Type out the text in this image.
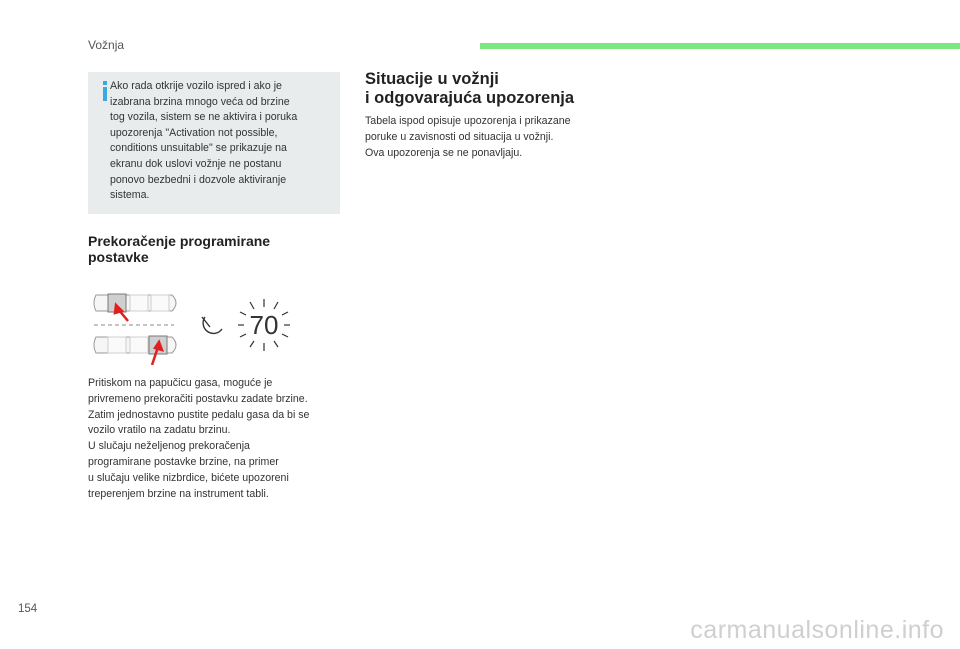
Vožnja
Ako rada otkrije vozilo ispred i ako je
izabrana brzina mnogo veća od brzine
tog vozila, sistem se ne aktivira i poruka
upozorenja "Activation not possible,
conditions unsuitable" se prikazuje na
ekranu dok uslovi vožnje ne postanu
ponovo bezbedni i dozvole aktiviranje
sistema.
Prekoračenje programirane
postavke
70
Pritiskom na papučicu gasa, moguće je
privremeno prekoračiti postavku zadate brzine.
Zatim jednostavno pustite pedalu gasa da bi se
vozilo vratilo na zadatu brzinu.
U slučaju neželjenog prekoračenja
programirane postavke brzine, na primer
u slučaju velike nizbrdice, bićete upozoreni
treperenjem brzine na instrument tabli.
Situacije u vožnji
i odgovarajuća upozorenja
Tabela ispod opisuje upozorenja i prikazane
poruke u zavisnosti od situacija u vožnji.
Ova upozorenja se ne ponavljaju.
154
carmanualsonline.info
